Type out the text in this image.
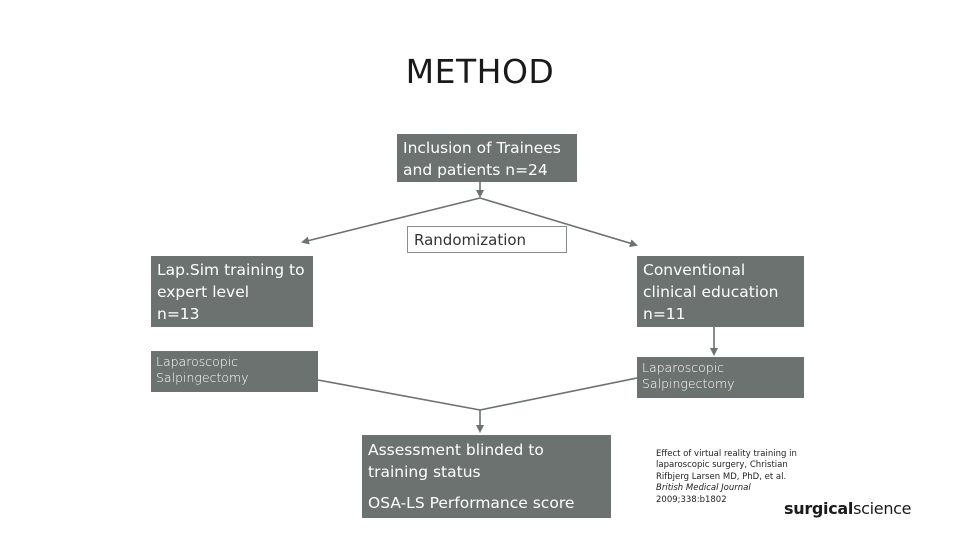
METHOD
Inclusion of Trainees
and patients n=24
Randomization
Lap.Sim training to
expert level
n=13
Conventional
clinical education
n=11
Laparoscopic
Salpingectomy
Laparoscopic
Salpingectomy
Assessment blinded to
training status
OSA-LS Performance score
Effect of virtual reality training in
laparoscopic surgery, Christian
Rifbjerg Larsen MD, PhD, et al.
British Medical Journal
2009;338:b1802	surgicalscience
